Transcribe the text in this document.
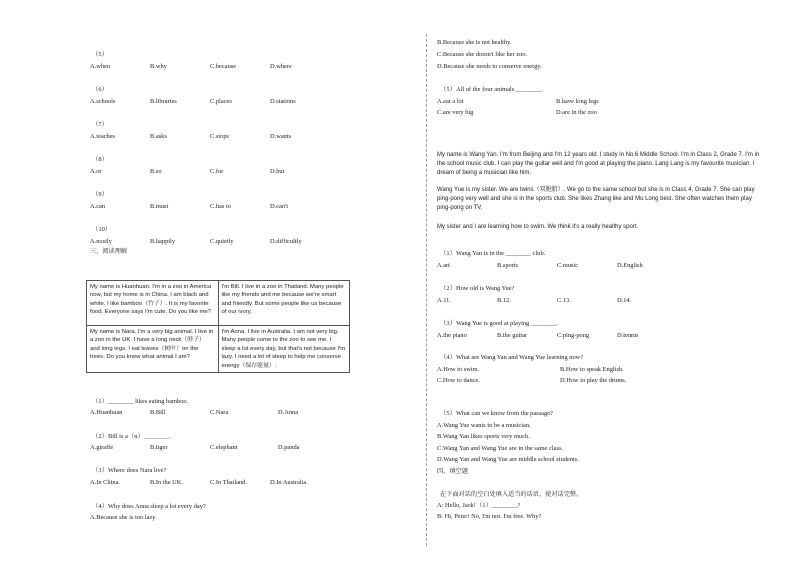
（5）
A.when	B.why	C.because	D.where
（6）
A.schools	B.libraries	C.places	D.stations
（7）
A.teaches	B.asks	C.stops	D.wants
（8）
A.or	B.so	C.for	D.but
（9）
A.can	B.must	C.has to	D.can't
（10）
A.nosily	B.happily	C.quietly	D.difficultly
三、阅读理解
My name is Huanhuan. I'm in a zoo in America now, but my home is in China. I am black and white. I like bamboo（竹子）. It is my favorite food. Everyone says I'm cute. Do you like me?	I'm Bill. I live in a zoo in Thailand. Many people like my friends and me because we're smart and friendly. But some people like us because of our ivory.
My name is Nara. I'm a very big animal. I live in a zoo in the UK. I have a long neck（脖子）and long legs. I eat leaves（树叶）on the trees. Do you know what animal I am?	I'm Anna. I live in Australia. I am not very big. Many people come to the zoo to see me. I sleep a lot every day, but that's not because I'm lazy. I need a lot of sleep to help me conserve energy（保存能量）.
（1）________ likes eating bamboo.
A.Huanhuan	B.Bill	C.Nara	D.Anna
（2）Bill is a（n）________.
A.giraffe	B.tiger	C.elephant	D.panda
（3）Where does Nara live?
A.In China.	B.In the UK.	C.In Thailand.	D.In Australia.
（4）Why does Anna sleep a lot every day?
A.Because she is too lazy.
B.Because she is not healthy.
C.Because she doesn't like her zoo.
D.Because she needs to conserve energy.
（5）All of the four animals ________.
A.eat a lot	B.have long legs
C.are very big	D.are in the zoo
My name is Wang Yan. I'm from Beijing and I'm 12 years old. I study in No.6 Middle School. I'm in Class 2, Grade 7. I'm in the school music club. I can play the guitar well and I'm good at playing the piano. Lang Lang is my favourite musician. I dream of being a musician like him.
Wang Yue is my sister. We are twins（双胞胎）. We go to the same school but she is in Class 4, Grade 7. She can play ping-pong very well and she is in the sports club. She likes Zhang like and Mu Long best. She often watches them play ping-pong on TV.
My sister and I are learning how to swim. We think it's a really healthy sport.
（1）Wang Yan is in the ________ club.
A.art	B.sports	C.music	D.English
（2）How old is Wang Yue?
A.11.	B.12.	C.13.	D.14.
（3）Wang Yue is good at playing ________.
A.the piano	B.the guitar	C.ping-pong	D.tennis
（4）What are Wang Yan and Wang Yue learning now?
A.How to swim.	B.How to speak English.
C.How to dance.	D.How to play the drums.
（5）What can we know from the passage?
A.Wang Yue wants to be a musician.
B.Wang Yan likes sports very much.
C.Wang Yan and Wang Yue are in the same class.
D.Wang Yan and Wang Yue are middle school students.
四、填空题
在下面对话的空白处填入适当的话语，使对话完整。
A: Hello, Jack!（1）________?
B: Hi, Peter! No, I'm not. I'm free. Why?
